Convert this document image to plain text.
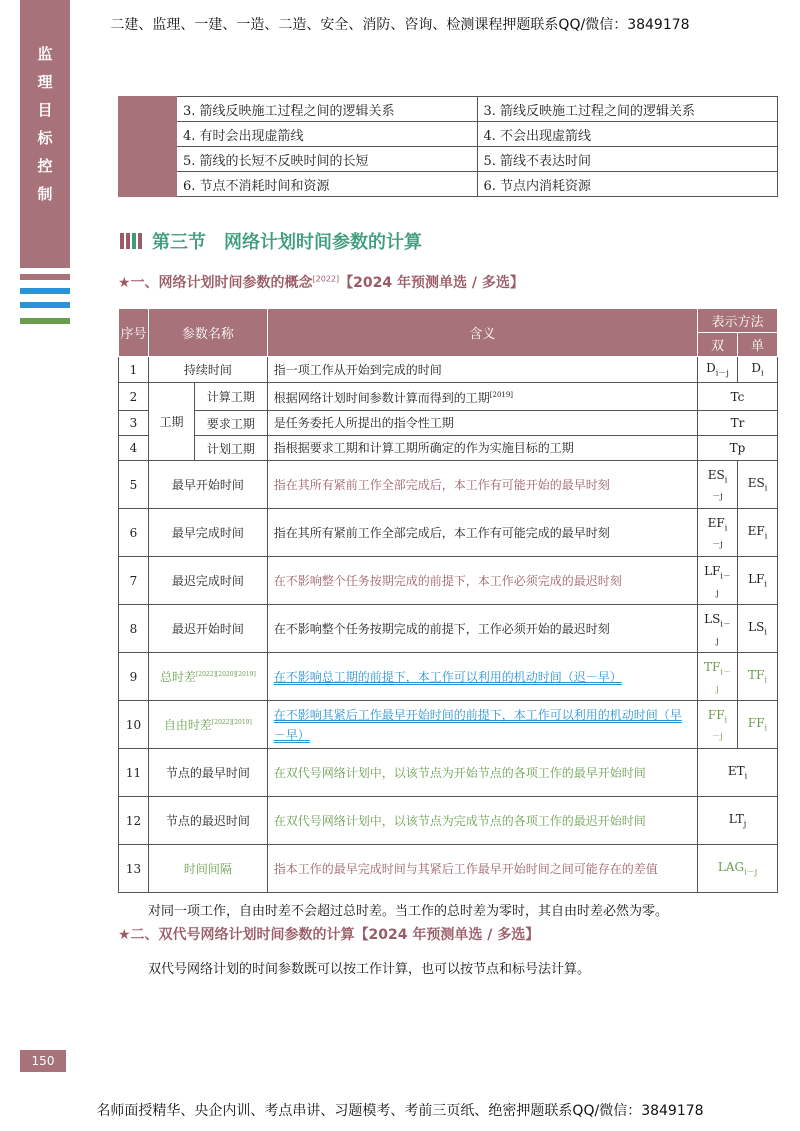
二建、监理、一建、一造、二造、安全、消防、咨询、检测课程押题联系QQ/微信：3849178
监
理
目
标
控
制
	3. 箭线反映施工过程之间的逻辑关系	3. 箭线反映施工过程之间的逻辑关系
	4. 有时会出现虚箭线	4. 不会出现虚箭线
	5. 箭线的长短不反映时间的长短	5. 箭线不表达时间
	6. 节点不消耗时间和资源	6. 节点内消耗资源
第三节　网络计划时间参数的计算
★一、网络计划时间参数的概念[2022]【2024 年预测单选 / 多选】
序号	参数名称		含义	表示方法	
				双	单
1	持续时间		指一项工作从开始到完成的时间	$D_{i-j}$	$D_i$
2	工期	计算工期	根据网络计划时间参数计算而得到的工期[2019]	Tc	
3		要求工期	是任务委托人所提出的指令性工期	Tr	
4		计划工期	指根据要求工期和计算工期所确定的作为实施目标的工期	Tp	
5	最早开始时间		指在其所有紧前工作全部完成后，本工作有可能开始的最早时刻	$ES_{i-j}$	$ES_i$
6	最早完成时间		指在其所有紧前工作全部完成后，本工作有可能完成的最早时刻	$EF_{i-j}$	$EF_i$
7	最迟完成时间		在不影响整个任务按期完成的前提下，本工作必须完成的最迟时刻	$LF_{i-j}$	$LF_i$
8	最迟开始时间		在不影响整个任务按期完成的前提下，工作必须开始的最迟时刻	$LS_{i-j}$	$LS_i$
9	总时差[2022][2020][2019]		在不影响总工期的前提下，本工作可以利用的机动时间（迟－早）	$TF_{i-j}$	$TF_i$
10	自由时差[2022][2019]		在不影响其紧后工作最早开始时间的前提下，本工作可以利用的机动时间（早－早）	$FF_{i-j}$	$FF_i$
11	节点的最早时间		在双代号网络计划中，以该节点为开始节点的各项工作的最早开始时间	$ET_i$
12	节点的最迟时间		在双代号网络计划中，以该节点为完成节点的各项工作的最迟开始时间	$LT_j$
13	时间间隔		指本工作的最早完成时间与其紧后工作最早开始时间之间可能存在的差值	$LAG_{i-j}$
对同一项工作，自由时差不会超过总时差。当工作的总时差为零时，其自由时差必然为零。
★二、双代号网络计划时间参数的计算【2024 年预测单选 / 多选】
双代号网络计划的时间参数既可以按工作计算，也可以按节点和标号法计算。
150
名师面授精华、央企内训、考点串讲、习题模考、考前三页纸、绝密押题联系QQ/微信：3849178
